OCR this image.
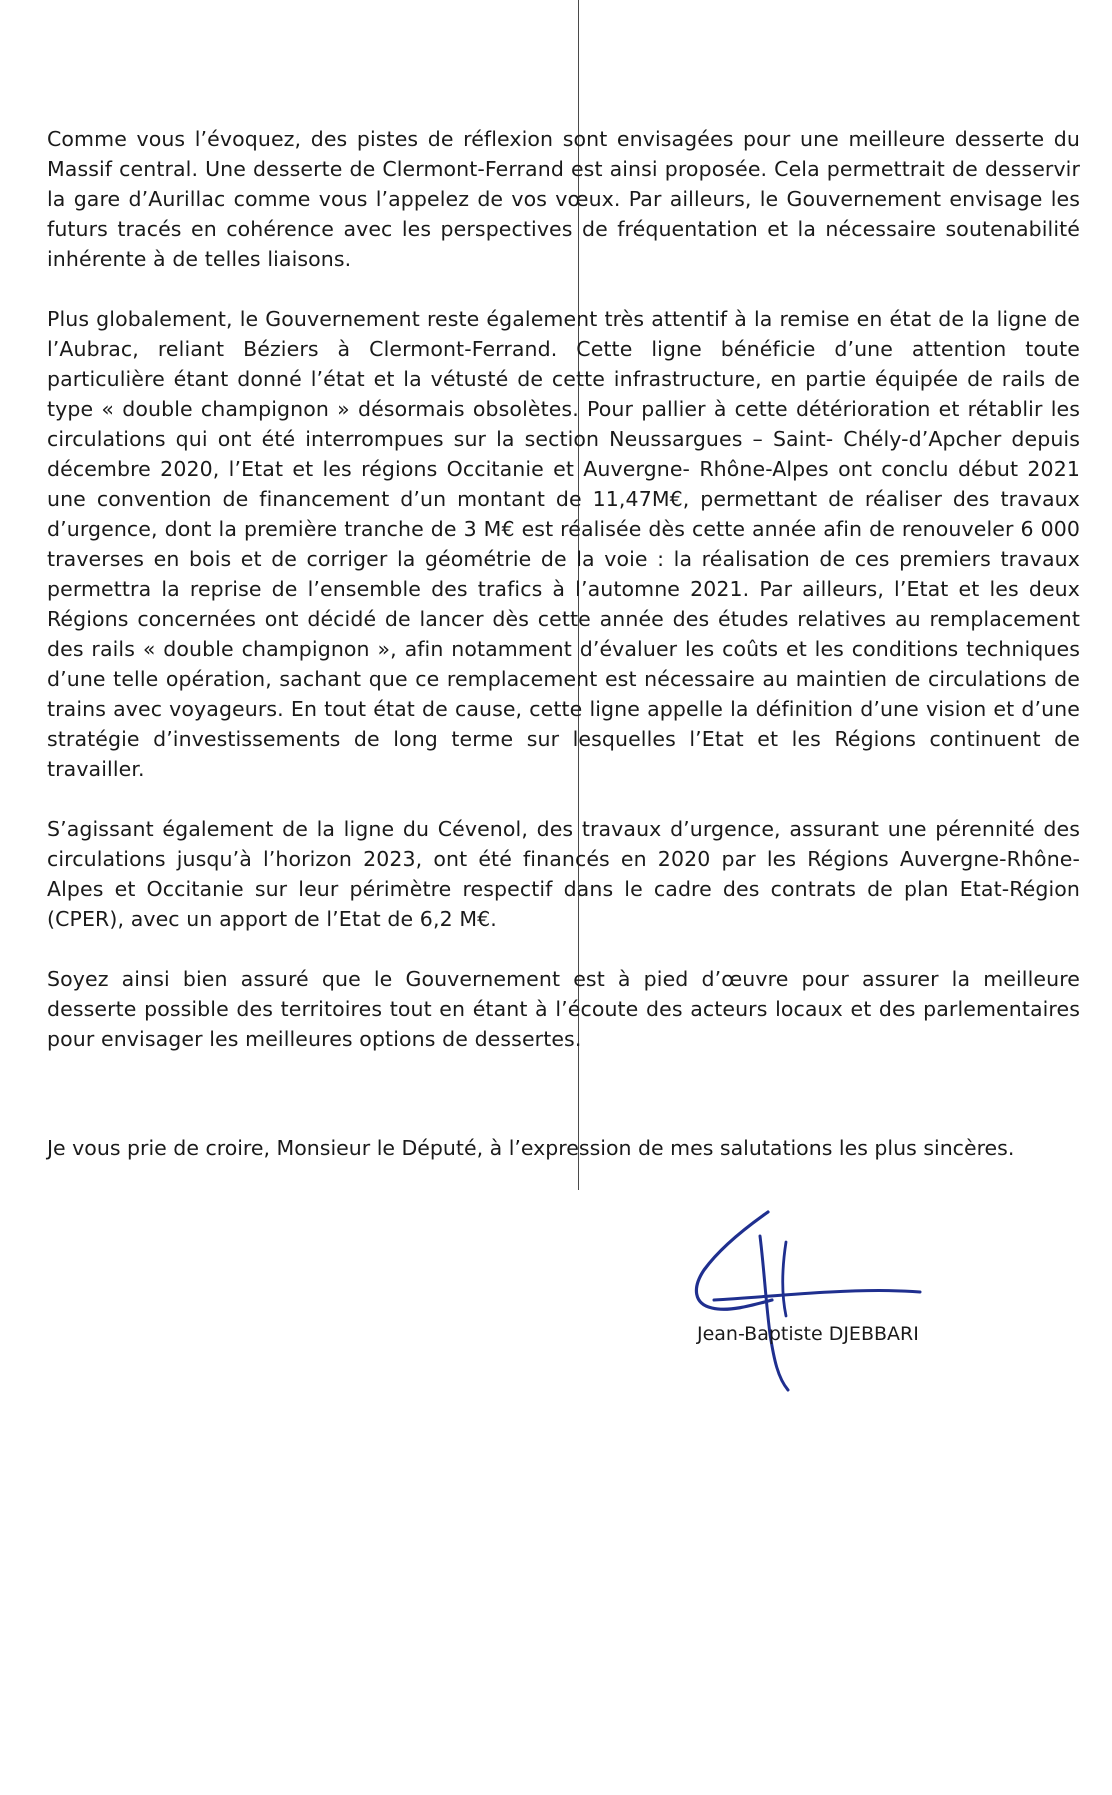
Comme vous l’évoquez, des pistes de réflexion sont envisagées pour une meilleure desserte du Massif central. Une desserte de Clermont-Ferrand est ainsi proposée. Cela permettrait de desservir la gare d’Aurillac comme vous l’appelez de vos vœux. Par ailleurs, le Gouvernement envisage les futurs tracés en cohérence avec les perspectives de fréquentation et la nécessaire soutenabilité inhérente à de telles liaisons.

Plus globalement, le Gouvernement reste également très attentif à la remise en état de la ligne de l’Aubrac, reliant Béziers à Clermont-Ferrand. Cette ligne bénéficie d’une attention toute particulière étant donné l’état et la vétusté de cette infrastructure, en partie équipée de rails de type « double champignon » désormais obsolètes. Pour pallier à cette détérioration et rétablir les circulations qui ont été interrompues sur la section Neussargues – Saint- Chély-d’Apcher depuis décembre 2020, l’Etat et les régions Occitanie et Auvergne- Rhône-Alpes ont conclu début 2021 une convention de financement d’un montant de 11,47M€, permettant de réaliser des travaux d’urgence, dont la première tranche de 3 M€ est réalisée dès cette année afin de renouveler 6 000 traverses en bois et de corriger la géométrie de la voie : la réalisation de ces premiers travaux permettra la reprise de l’ensemble des trafics à l’automne 2021. Par ailleurs, l’Etat et les deux Régions concernées ont décidé de lancer dès cette année des études relatives au remplacement des rails « double champignon », afin notamment d’évaluer les coûts et les conditions techniques d’une telle opération, sachant que ce remplacement est nécessaire au maintien de circulations de trains avec voyageurs. En tout état de cause, cette ligne appelle la définition d’une vision et d’une stratégie d’investissements de long terme sur lesquelles l’Etat et les Régions continuent de travailler.

S’agissant également de la ligne du Cévenol, des travaux d’urgence, assurant une pérennité des circulations jusqu’à l’horizon 2023, ont été financés en 2020 par les Régions Auvergne-Rhône-Alpes et Occitanie sur leur périmètre respectif dans le cadre des contrats de plan Etat-Région (CPER), avec un apport de l’Etat de 6,2 M€.

Soyez ainsi bien assuré que le Gouvernement est à pied d’œuvre pour assurer la meilleure desserte possible des territoires tout en étant à l’écoute des acteurs locaux et des parlementaires pour envisager les meilleures options de dessertes.

Je vous prie de croire, Monsieur le Député, à l’expression de mes salutations les plus sincères.

Jean-Baptiste DJEBBARI
